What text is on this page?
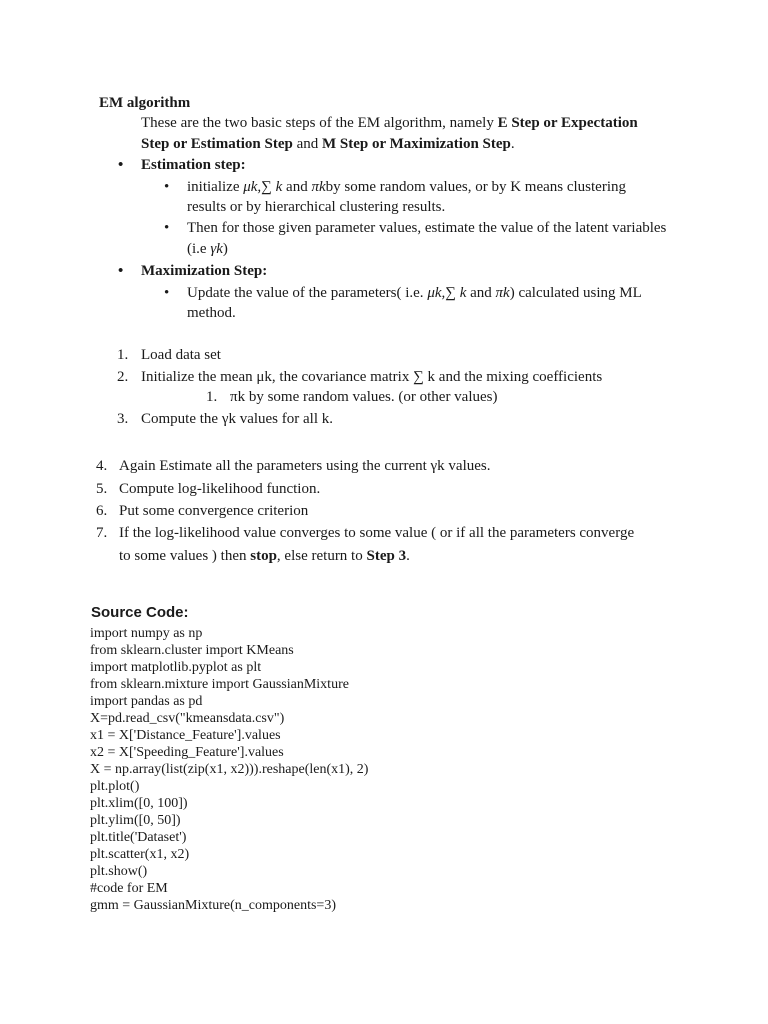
EM algorithm
These are the two basic steps of the EM algorithm, namely E Step or Expectation
Step or Estimation Step and M Step or Maximization Step.
• Estimation step:
• initialize μk,∑ k and πkby some random values, or by K means clustering
results or by hierarchical clustering results.
• Then for those given parameter values, estimate the value of the latent variables
(i.e γk)
• Maximization Step:
• Update the value of the parameters( i.e. μk,∑ k and πk) calculated using ML
method.
1. Load data set
2. Initialize the mean μk, the covariance matrix ∑ k and the mixing coefficients
1. πk by some random values. (or other values)
3. Compute the γk values for all k.
4. Again Estimate all the parameters using the current γk values.
5. Compute log-likelihood function.
6. Put some convergence criterion
7. If the log-likelihood value converges to some value ( or if all the parameters converge
to some values ) then stop, else return to Step 3.
Source Code:
import numpy as np
from sklearn.cluster import KMeans
import matplotlib.pyplot as plt
from sklearn.mixture import GaussianMixture
import pandas as pd
X=pd.read_csv("kmeansdata.csv")
x1 = X['Distance_Feature'].values
x2 = X['Speeding_Feature'].values
X = np.array(list(zip(x1, x2))).reshape(len(x1), 2)
plt.plot()
plt.xlim([0, 100])
plt.ylim([0, 50])
plt.title('Dataset')
plt.scatter(x1, x2)
plt.show()
#code for EM
gmm = GaussianMixture(n_components=3)
